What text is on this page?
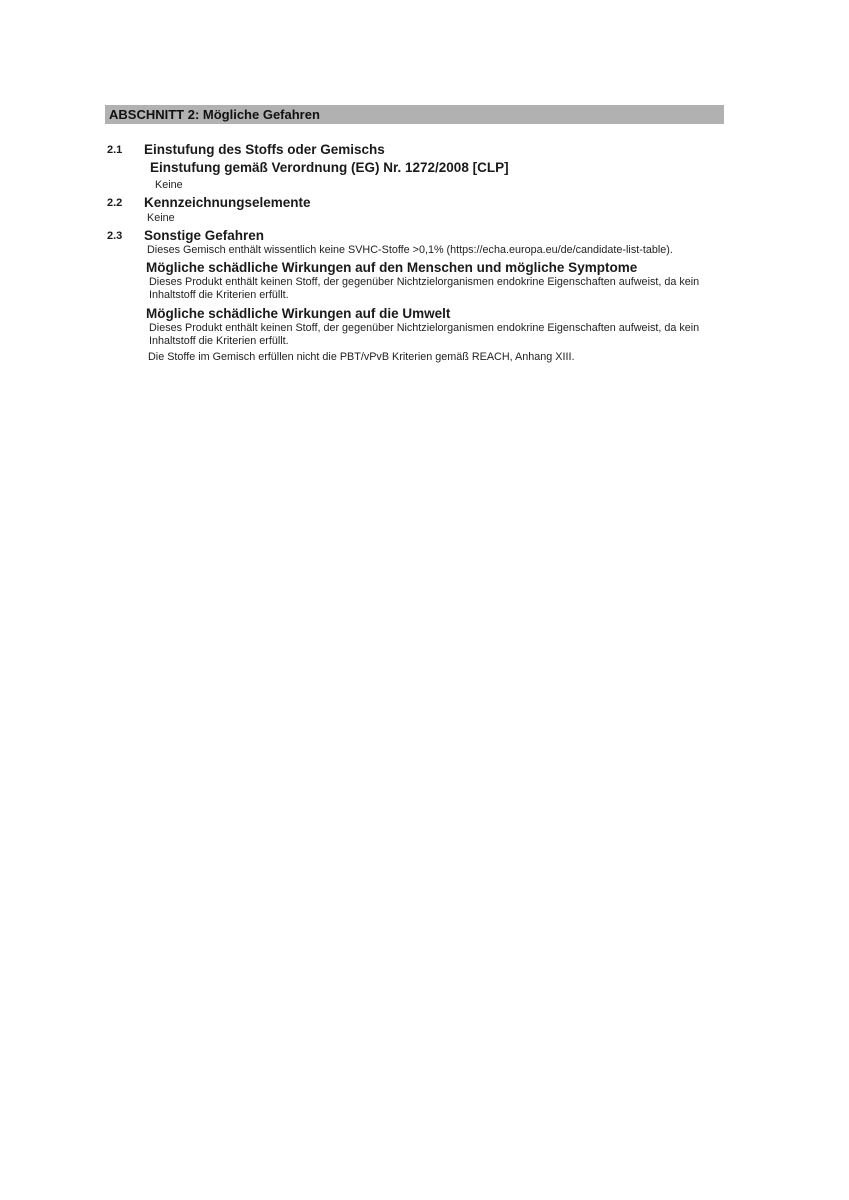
ABSCHNITT 2: Mögliche Gefahren
2.1	Einstufung des Stoffs oder Gemischs
Einstufung gemäß Verordnung (EG) Nr. 1272/2008 [CLP]
Keine
2.2	Kennzeichnungselemente
Keine
2.3	Sonstige Gefahren
Dieses Gemisch enthält wissentlich keine SVHC-Stoffe >0,1% (https://echa.europa.eu/de/candidate-list-table).
Mögliche schädliche Wirkungen auf den Menschen und mögliche Symptome
Dieses Produkt enthält keinen Stoff, der gegenüber Nichtzielorganismen endokrine Eigenschaften aufweist, da kein
Inhaltstoff die Kriterien erfüllt.
Mögliche schädliche Wirkungen auf die Umwelt
Dieses Produkt enthält keinen Stoff, der gegenüber Nichtzielorganismen endokrine Eigenschaften aufweist, da kein
Inhaltstoff die Kriterien erfüllt.
Die Stoffe im Gemisch erfüllen nicht die PBT/vPvB Kriterien gemäß REACH, Anhang XIII.
